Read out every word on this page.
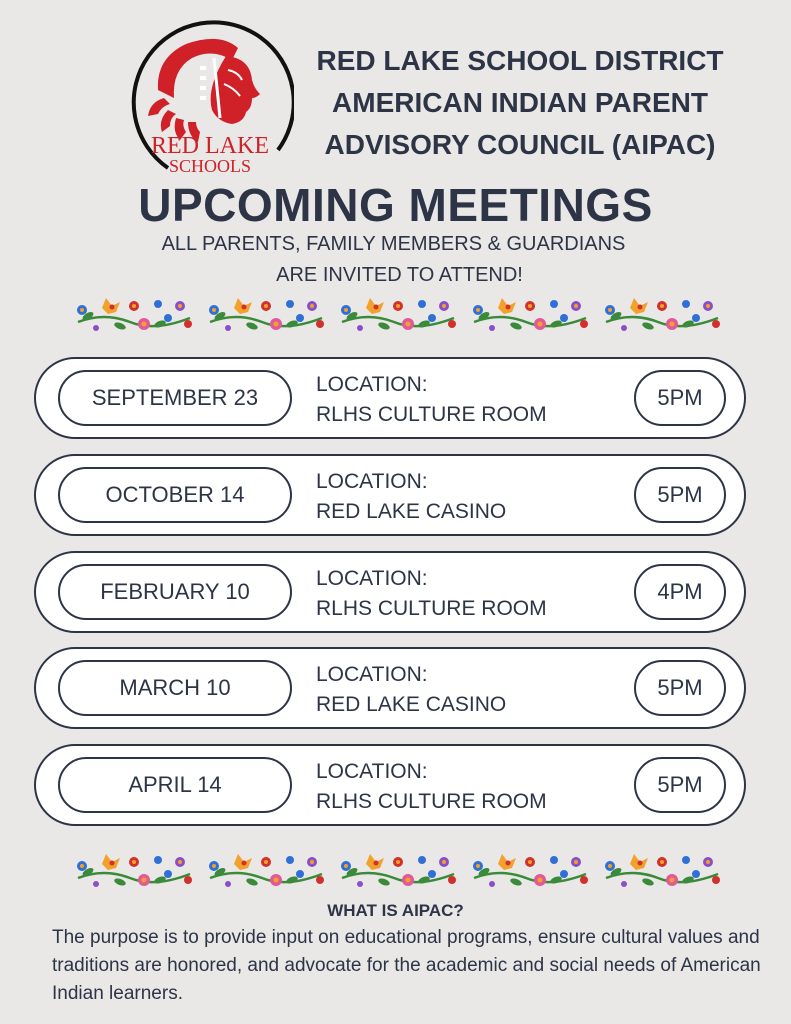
RED LAKE
SCHOOLS
RED LAKE SCHOOL DISTRICT
AMERICAN INDIAN PARENT
ADVISORY COUNCIL (AIPAC)
UPCOMING MEETINGS
ALL PARENTS, FAMILY MEMBERS & GUARDIANS
ARE INVITED TO ATTEND!
SEPTEMBER 23
LOCATION:
RLHS CULTURE ROOM
5PM
OCTOBER 14
LOCATION:
RED LAKE CASINO
5PM
FEBRUARY 10
LOCATION:
RLHS CULTURE ROOM
4PM
MARCH 10
LOCATION:
RED LAKE CASINO
5PM
APRIL 14
LOCATION:
RLHS CULTURE ROOM
5PM
WHAT IS AIPAC?
The purpose is to provide input on educational programs, ensure cultural values and traditions are honored, and advocate for the academic and social needs of American Indian learners.
